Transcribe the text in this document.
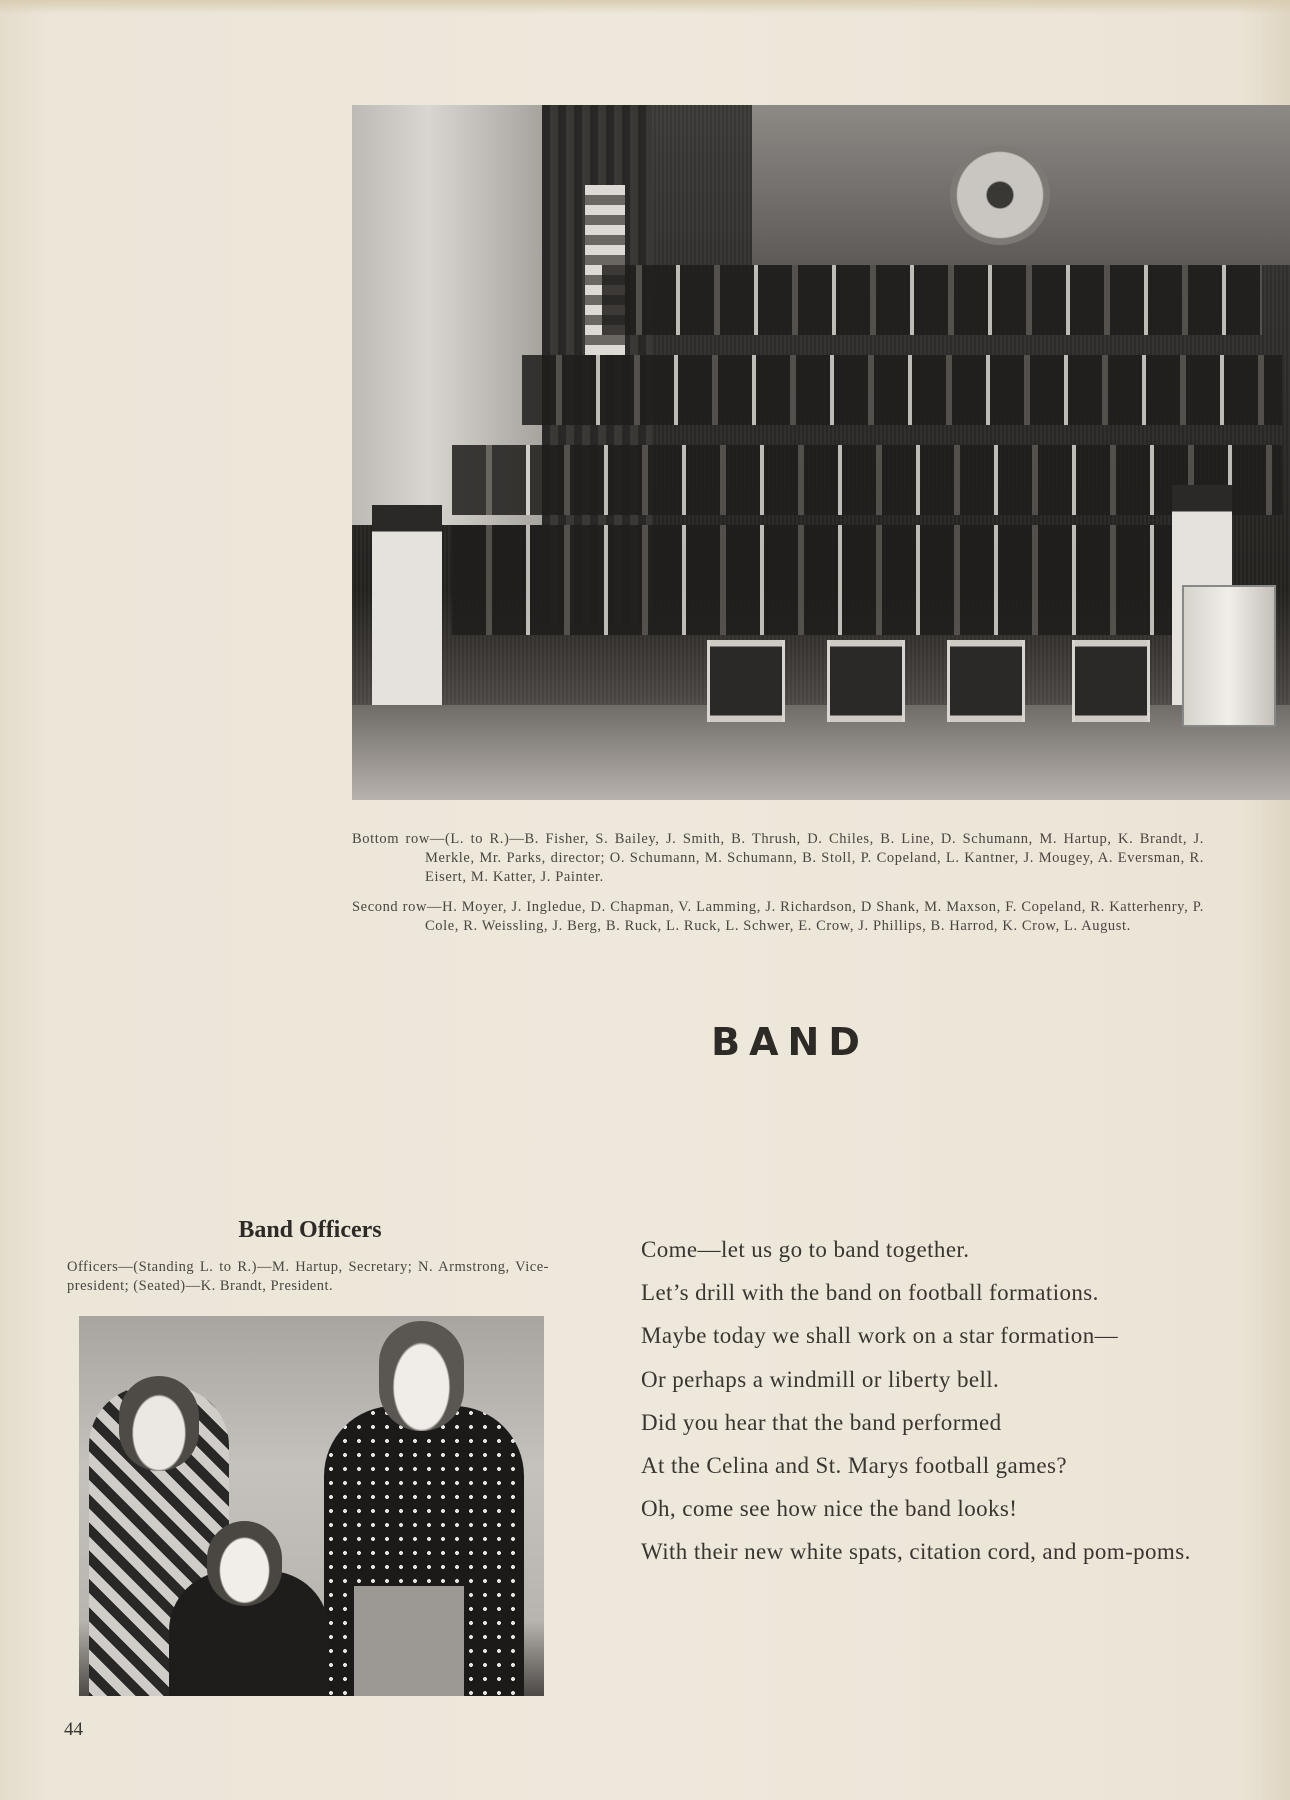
Bottom row—(L. to R.)—B. Fisher, S. Bailey, J. Smith, B. Thrush, D. Chiles, B. Line, D. Schumann, M. Hartup, K. Brandt, J. Merkle, Mr. Parks, director; O. Schumann, M. Schumann, B. Stoll, P. Copeland, L. Kantner, J. Mougey, A. Eversman, R. Eisert, M. Katter, J. Painter.
Second row—H. Moyer, J. Ingledue, D. Chapman, V. Lamming, J. Richardson, D Shank, M. Maxson, F. Copeland, R. Katterhenry, P. Cole, R. Weissling, J. Berg, B. Ruck, L. Ruck, L. Schwer, E. Crow, J. Phillips, B. Harrod, K. Crow, L. August.
BAND
Band Officers
Officers—(Standing L. to R.)—M. Hartup, Secretary; N. Armstrong, Vice-president; (Seated)—K. Brandt, President.
Come—let us go to band together.
Let’s drill with the band on football formations.
Maybe today we shall work on a star formation—
Or perhaps a windmill or liberty bell.
Did you hear that the band performed
At the Celina and St. Marys football games?
Oh, come see how nice the band looks!
With their new white spats, citation cord, and pom-poms.
44
